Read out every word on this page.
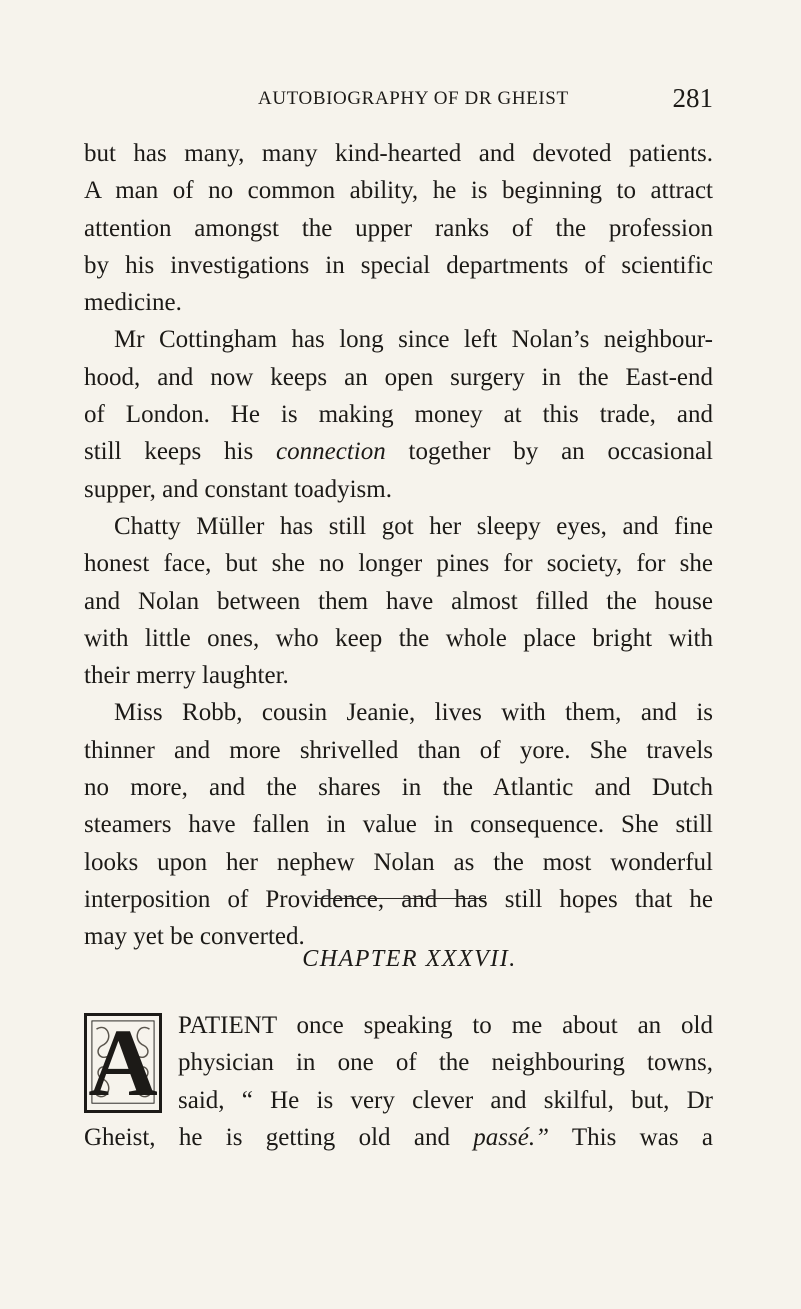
AUTOBIOGRAPHY OF DR GHEIST	281
but has many, many kind-hearted and devoted patients.
A man of no common ability, he is beginning to attract
attention amongst the upper ranks of the profession
by his investigations in special departments of scientific
medicine.
Mr Cottingham has long since left Nolan’s neighbour-
hood, and now keeps an open surgery in the East-end
of London. He is making money at this trade, and
still keeps his connection together by an occasional
supper, and constant toadyism.
Chatty Müller has still got her sleepy eyes, and fine
honest face, but she no longer pines for society, for she
and Nolan between them have almost filled the house
with little ones, who keep the whole place bright with
their merry laughter.
Miss Robb, cousin Jeanie, lives with them, and is
thinner and more shrivelled than of yore. She travels
no more, and the shares in the Atlantic and Dutch
steamers have fallen in value in consequence. She still
looks upon her nephew Nolan as the most wonderful
interposition of Providence, and has still hopes that he
may yet be converted.
CHAPTER XXXVII.
A PATIENT once speaking to me about an old
physician in one of the neighbouring towns,
said, “ He is very clever and skilful, but, Dr
Gheist, he is getting old and passé.” This was a
